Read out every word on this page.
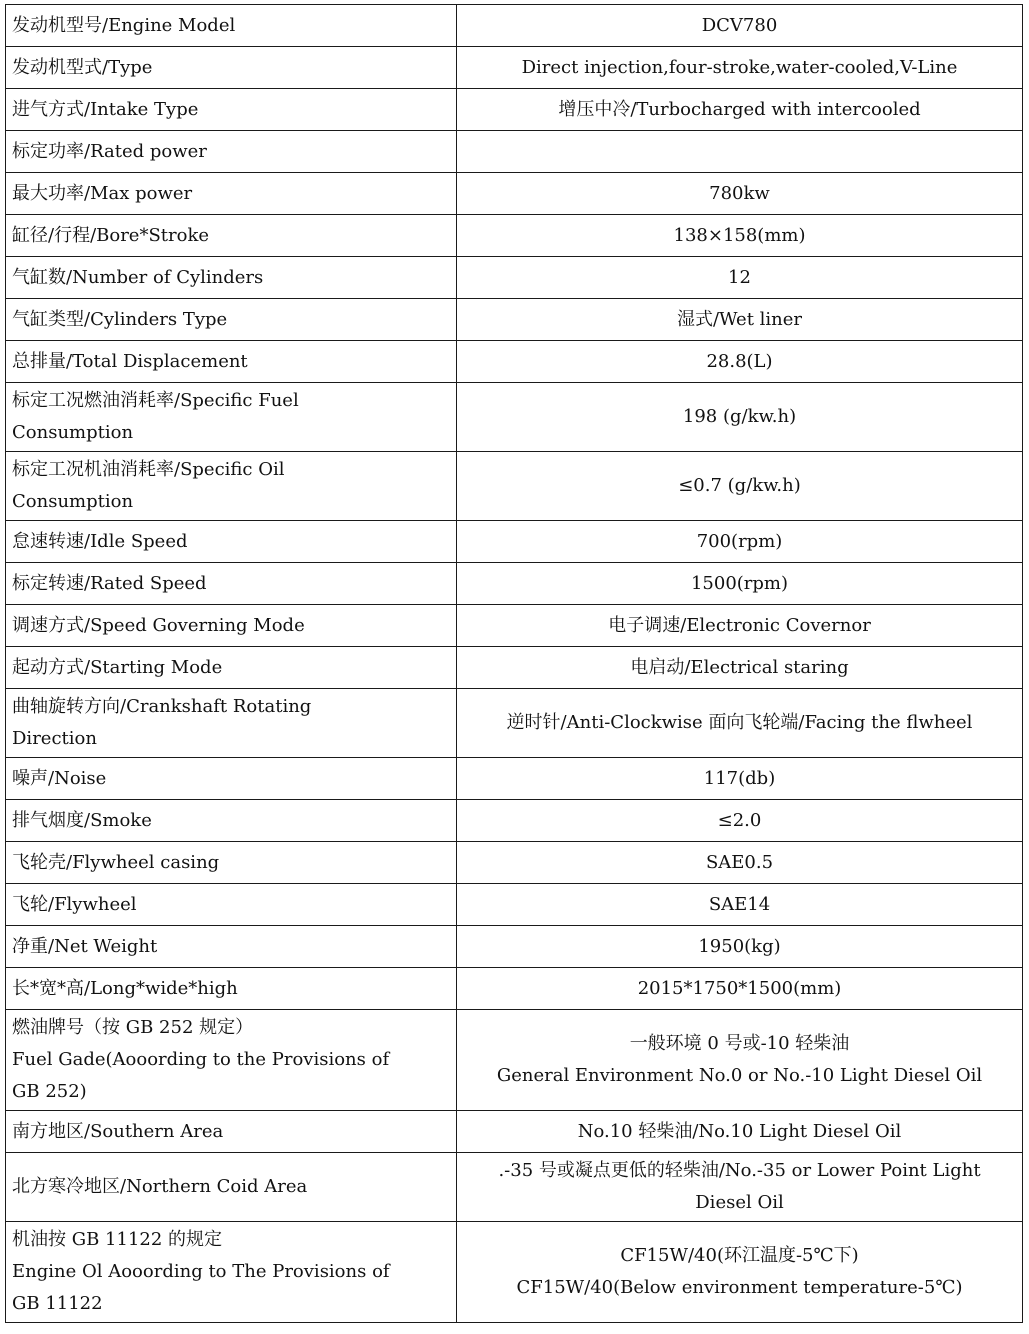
发动机型号/Engine Model	DCV780
发动机型式/Type	Direct injection,four-stroke,water-cooled,V-Line
进气方式/Intake Type	增压中冷/Turbocharged with intercooled
标定功率/Rated power	
最大功率/Max power	780kw
缸径/行程/Bore*Stroke	138×158(mm)
气缸数/Number of Cylinders	12
气缸类型/Cylinders Type	湿式/Wet liner
总排量/Total Displacement	28.8(L)
标定工况燃油消耗率/Specific Fuel
Consumption	198 (g/kw.h)
标定工况机油消耗率/Specific Oil
Consumption	≤0.7 (g/kw.h)
怠速转速/Idle Speed	700(rpm)
标定转速/Rated Speed	1500(rpm)
调速方式/Speed Governing Mode	电子调速/Electronic Covernor
起动方式/Starting Mode	电启动/Electrical staring
曲轴旋转方向/Crankshaft Rotating
Direction	逆时针/Anti-Clockwise 面向飞轮端/Facing the flwheel
噪声/Noise	117(db)
排气烟度/Smoke	≤2.0
飞轮壳/Flywheel casing	SAE0.5
飞轮/Flywheel	SAE14
净重/Net Weight	1950(kg)
长*宽*高/Long*wide*high	2015*1750*1500(mm)
燃油牌号（按 GB 252 规定）
Fuel Gade(Aooording to the Provisions of
GB 252)	一般环境 0 号或-10 轻柴油
General Environment No.0 or No.-10 Light Diesel Oil
南方地区/Southern Area	No.10 轻柴油/No.10 Light Diesel Oil
北方寒冷地区/Northern Coid Area	.-35 号或凝点更低的轻柴油/No.-35 or Lower Point Light
Diesel Oil
机油按 GB 11122 的规定
Engine Ol Aooording to The Provisions of
GB 11122	CF15W/40(环江温度-5℃下)
CF15W/40(Below environment temperature-5℃)
